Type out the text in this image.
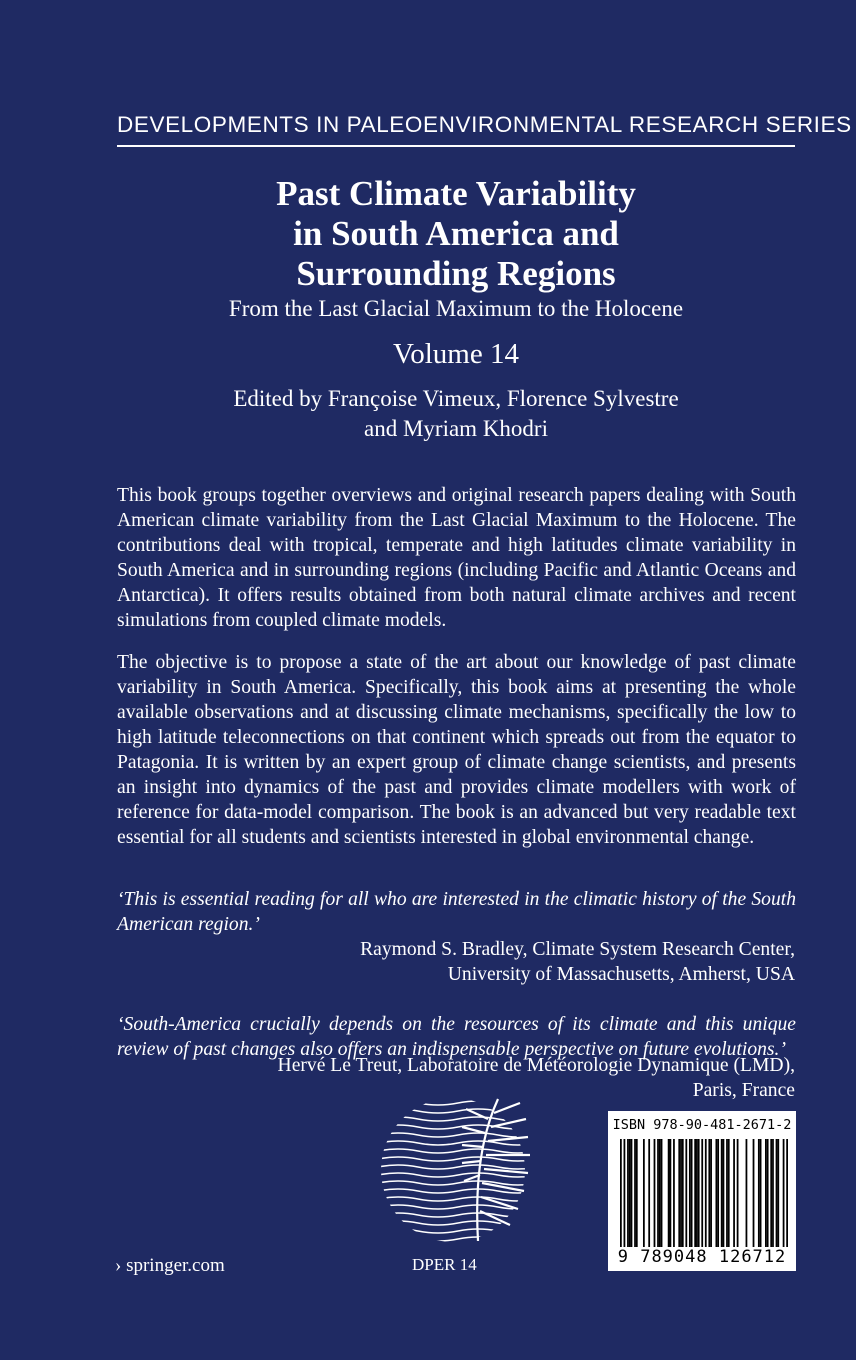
DEVELOPMENTS IN PALEOENVIRONMENTAL RESEARCH SERIES
Past Climate Variability
in South America and
Surrounding Regions
From the Last Glacial Maximum to the Holocene
Volume 14
Edited by Françoise Vimeux, Florence Sylvestre
and Myriam Khodri
This book groups together overviews and original research papers dealing with South American climate variability from the Last Glacial Maximum to the Holocene. The contributions deal with tropical, temperate and high latitudes climate variability in South America and in surrounding regions (including Pacific and Atlantic Oceans and Antarctica). It offers results obtained from both natural climate archives and recent simulations from coupled climate models.
The objective is to propose a state of the art about our knowledge of past climate variability in South America. Specifically, this book aims at presenting the whole available observations and at discussing climate mechanisms, specifically the low to high latitude teleconnections on that continent which spreads out from the equator to Patagonia. It is written by an expert group of climate change scientists, and presents an insight into dynamics of the past and provides climate modellers with work of reference for data-model comparison. The book is an advanced but very readable text essential for all students and scientists interested in global environmental change.
‘This is essential reading for all who are interested in the climatic history of the South American region.’
Raymond S. Bradley, Climate System Research Center,
University of Massachusetts, Amherst, USA
‘South-America crucially depends on the resources of its climate and this unique review of past changes also offers an indispensable perspective on future evolutions.’
Hervé Le Treut, Laboratoire de Météorologie Dynamique (LMD),
Paris, France
› springer.com	DPER 14
ISBN 978-90-481-2671-2
9 789048 126712
